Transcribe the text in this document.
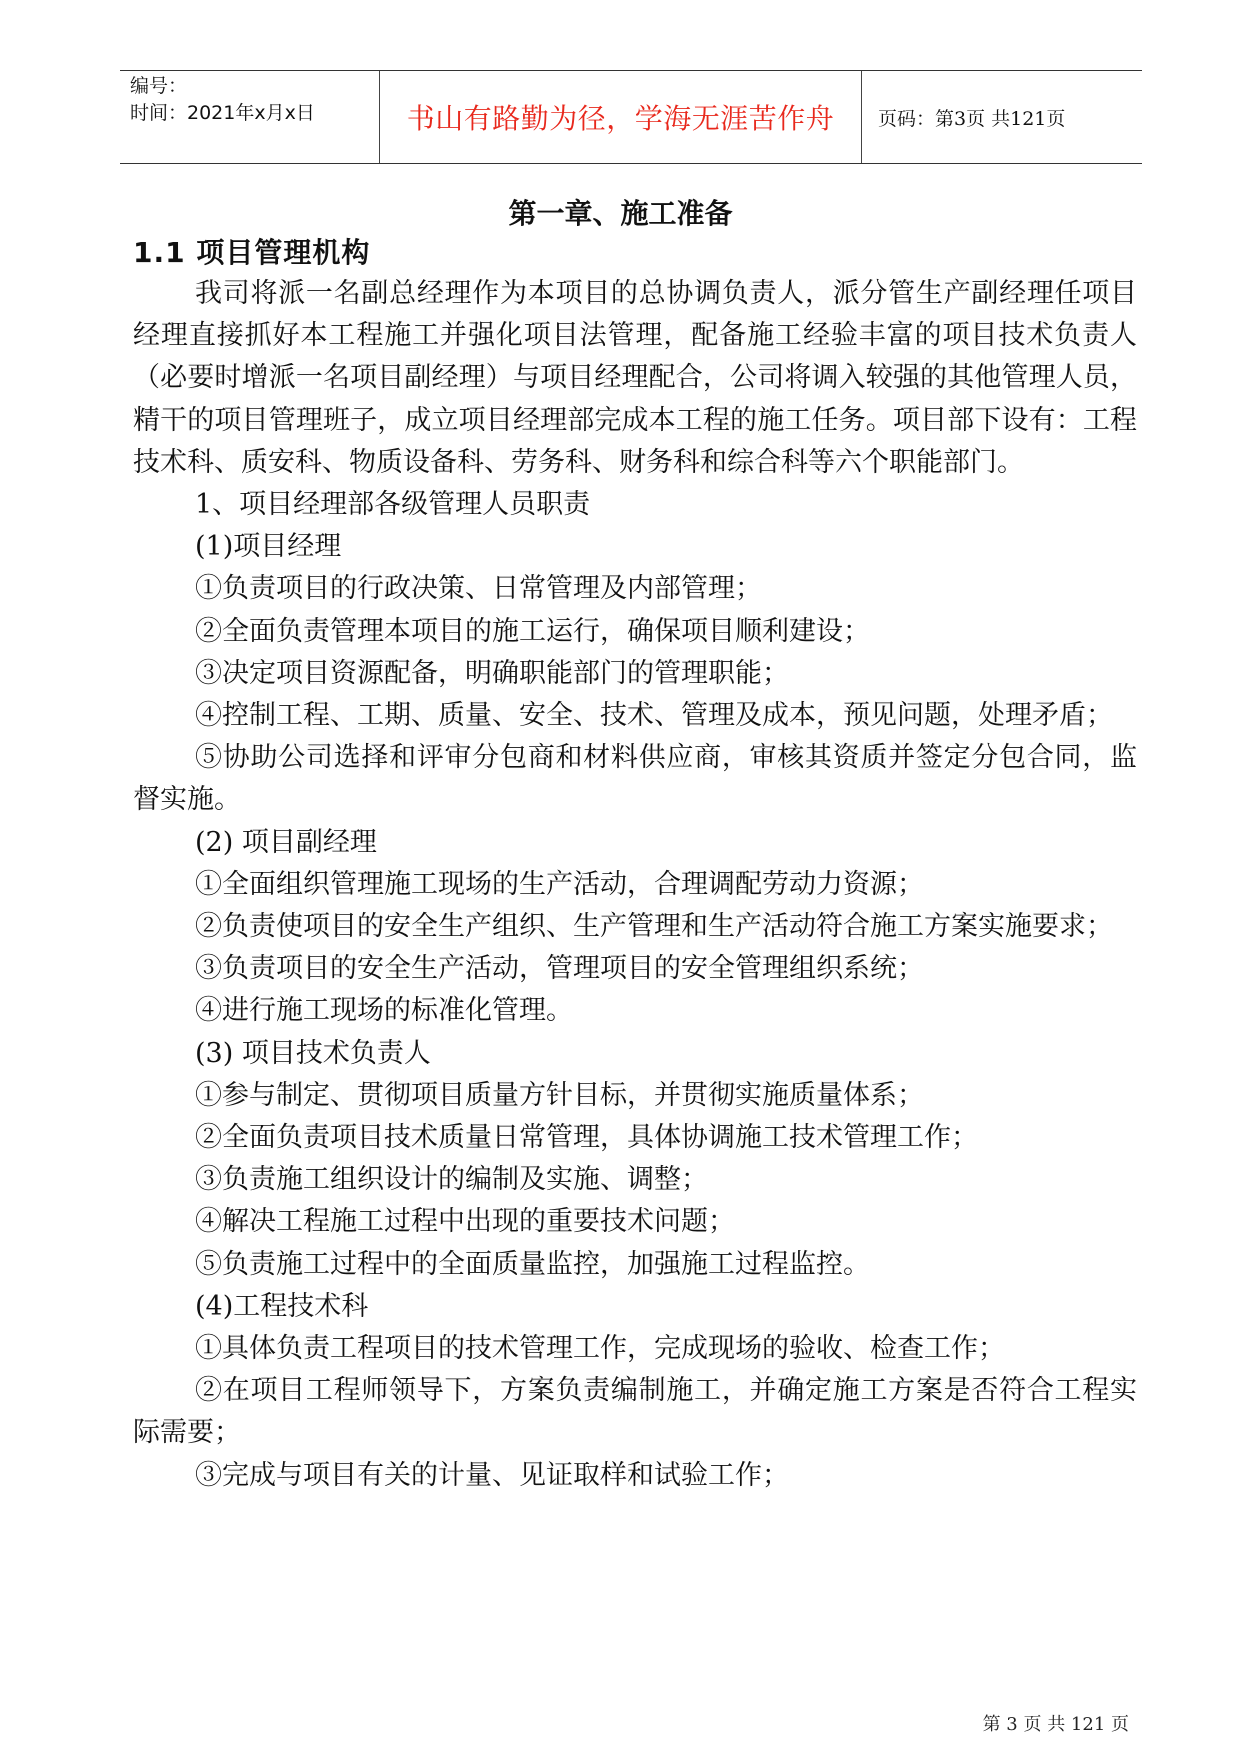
编号：
时间：2021年x月x日	书山有路勤为径，学海无涯苦作舟 页码：第3页 共121页
第一章、施工准备
1.1 项目管理机构

我司将派一名副总经理作为本项目的总协调负责人，派分管生产副经理任项目经理直接抓好本工程施工并强化项目法管理，配备施工经验丰富的项目技术负责人（必要时增派一名项目副经理）与项目经理配合，公司将调入较强的其他管理人员，精干的项目管理班子，成立项目经理部完成本工程的施工任务。项目部下设有：工程技术科、质安科、物质设备科、劳务科、财务科和综合科等六个职能部门。

1、项目经理部各级管理人员职责

(1)项目经理

①负责项目的行政决策、日常管理及内部管理；

②全面负责管理本项目的施工运行，确保项目顺利建设；

③决定项目资源配备，明确职能部门的管理职能；

④控制工程、工期、质量、安全、技术、管理及成本，预见问题，处理矛盾；

⑤协助公司选择和评审分包商和材料供应商，审核其资质并签定分包合同，监督实施。

(2) 项目副经理

①全面组织管理施工现场的生产活动，合理调配劳动力资源；

②负责使项目的安全生产组织、生产管理和生产活动符合施工方案实施要求；

③负责项目的安全生产活动，管理项目的安全管理组织系统；

④进行施工现场的标准化管理。

(3) 项目技术负责人

①参与制定、贯彻项目质量方针目标，并贯彻实施质量体系；

②全面负责项目技术质量日常管理，具体协调施工技术管理工作；

③负责施工组织设计的编制及实施、调整；

④解决工程施工过程中出现的重要技术问题；

⑤负责施工过程中的全面质量监控，加强施工过程监控。

(4)工程技术科

①具体负责工程项目的技术管理工作，完成现场的验收、检查工作；

②在项目工程师领导下，方案负责编制施工，并确定施工方案是否符合工程实际需要；

③完成与项目有关的计量、见证取样和试验工作；

第 3 页 共 121 页
